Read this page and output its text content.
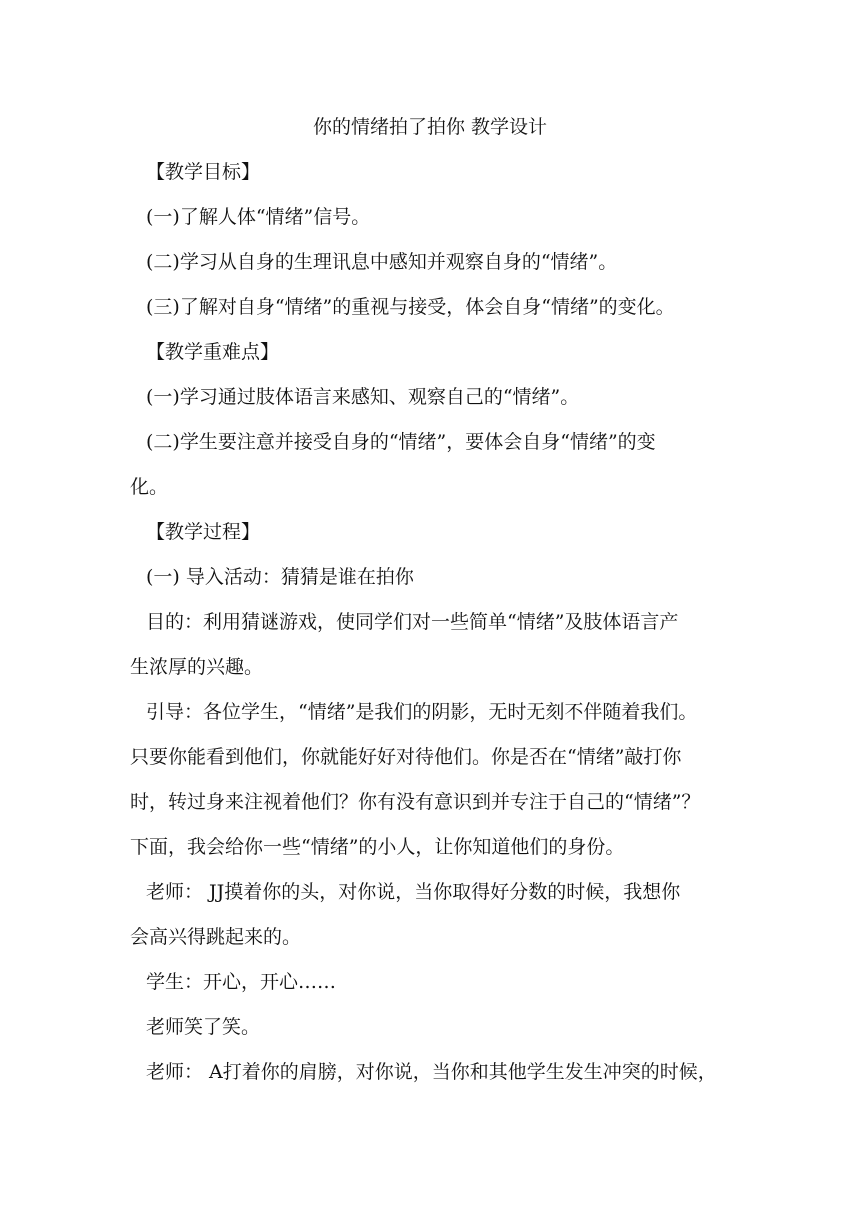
你的情绪拍了拍你 教学设计
【教学目标】
(一)了解人体“情绪”信号。
(二)学习从自身的生理讯息中感知并观察自身的“情绪”。
(三)了解对自身“情绪”的重视与接受，体会自身“情绪”的变化。
【教学重难点】
(一)学习通过肢体语言来感知、观察自己的“情绪”。
(二)学生要注意并接受自身的“情绪”，要体会自身“情绪”的变
化。
【教学过程】
(一) 导入活动：猜猜是谁在拍你
目的：利用猜谜游戏，使同学们对一些简单“情绪”及肢体语言产
生浓厚的兴趣。
引导：各位学生，“情绪”是我们的阴影，无时无刻不伴随着我们。
只要你能看到他们，你就能好好对待他们。你是否在“情绪”敲打你
时，转过身来注视着他们？你有没有意识到并专注于自己的“情绪”？
下面，我会给你一些“情绪”的小人，让你知道他们的身份。
老师： JJ摸着你的头，对你说，当你取得好分数的时候，我想你
会高兴得跳起来的。
学生：开心，开心……
老师笑了笑。
老师： A打着你的肩膀，对你说，当你和其他学生发生冲突的时候，
